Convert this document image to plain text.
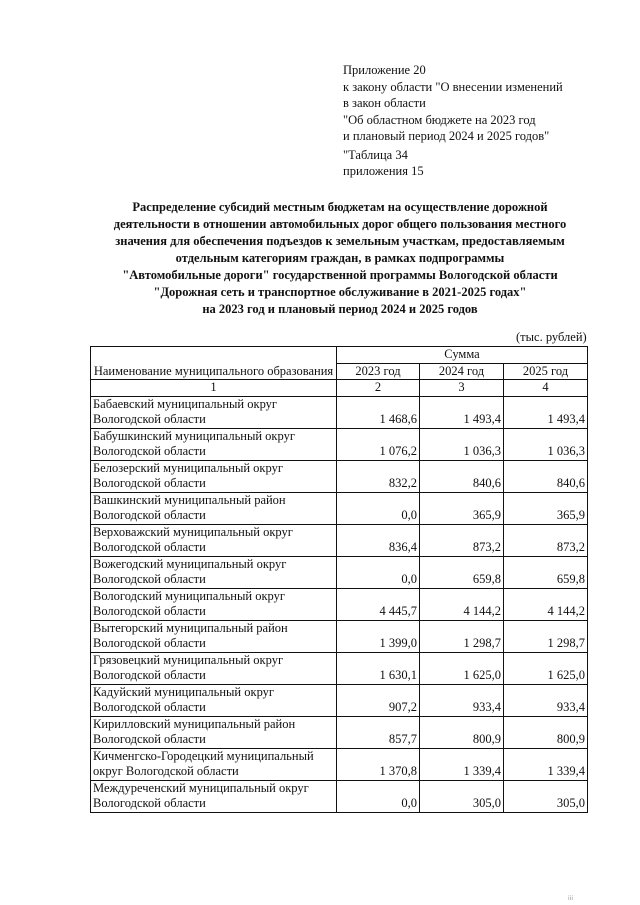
Приложение 20
к закону области "О внесении изменений
в закон области
"Об областном бюджете на 2023 год
и плановый период 2024 и 2025 годов"
"Таблица 34
приложения 15
Распределение субсидий местным бюджетам на осуществление дорожной
деятельности в отношении автомобильных дорог общего пользования местного
значения для обеспечения подъездов к земельным участкам, предоставляемым
отдельным категориям граждан, в рамках подпрограммы
"Автомобильные дороги" государственной программы Вологодской области
"Дорожная сеть и транспортное обслуживание в 2021-2025 годах"
на 2023 год и плановый период 2024 и 2025 годов
(тыс. рублей)
Наименование муниципального образования	Сумма		
	2023 год	2024 год	2025 год
1	2	3	4
Бабаевский муниципальный округ Вологодской области	1 468,6	1 493,4	1 493,4
Бабушкинский муниципальный округ Вологодской области	1 076,2	1 036,3	1 036,3
Белозерский муниципальный округ Вологодской области	832,2	840,6	840,6
Вашкинский муниципальный район Вологодской области	0,0	365,9	365,9
Верховажский муниципальный округ Вологодской области	836,4	873,2	873,2
Вожегодский муниципальный округ Вологодской области	0,0	659,8	659,8
Вологодский муниципальный округ Вологодской области	4 445,7	4 144,2	4 144,2
Вытегорский муниципальный район Вологодской области	1 399,0	1 298,7	1 298,7
Грязовецкий муниципальный округ Вологодской области	1 630,1	1 625,0	1 625,0
Кадуйский муниципальный округ Вологодской области	907,2	933,4	933,4
Кирилловский муниципальный район Вологодской области	857,7	800,9	800,9
Кичменгско-Городецкий муниципальный округ Вологодской области	1 370,8	1 339,4	1 339,4
Междуреченский муниципальный округ Вологодской области	0,0	305,0	305,0
⁞⁞⁞
